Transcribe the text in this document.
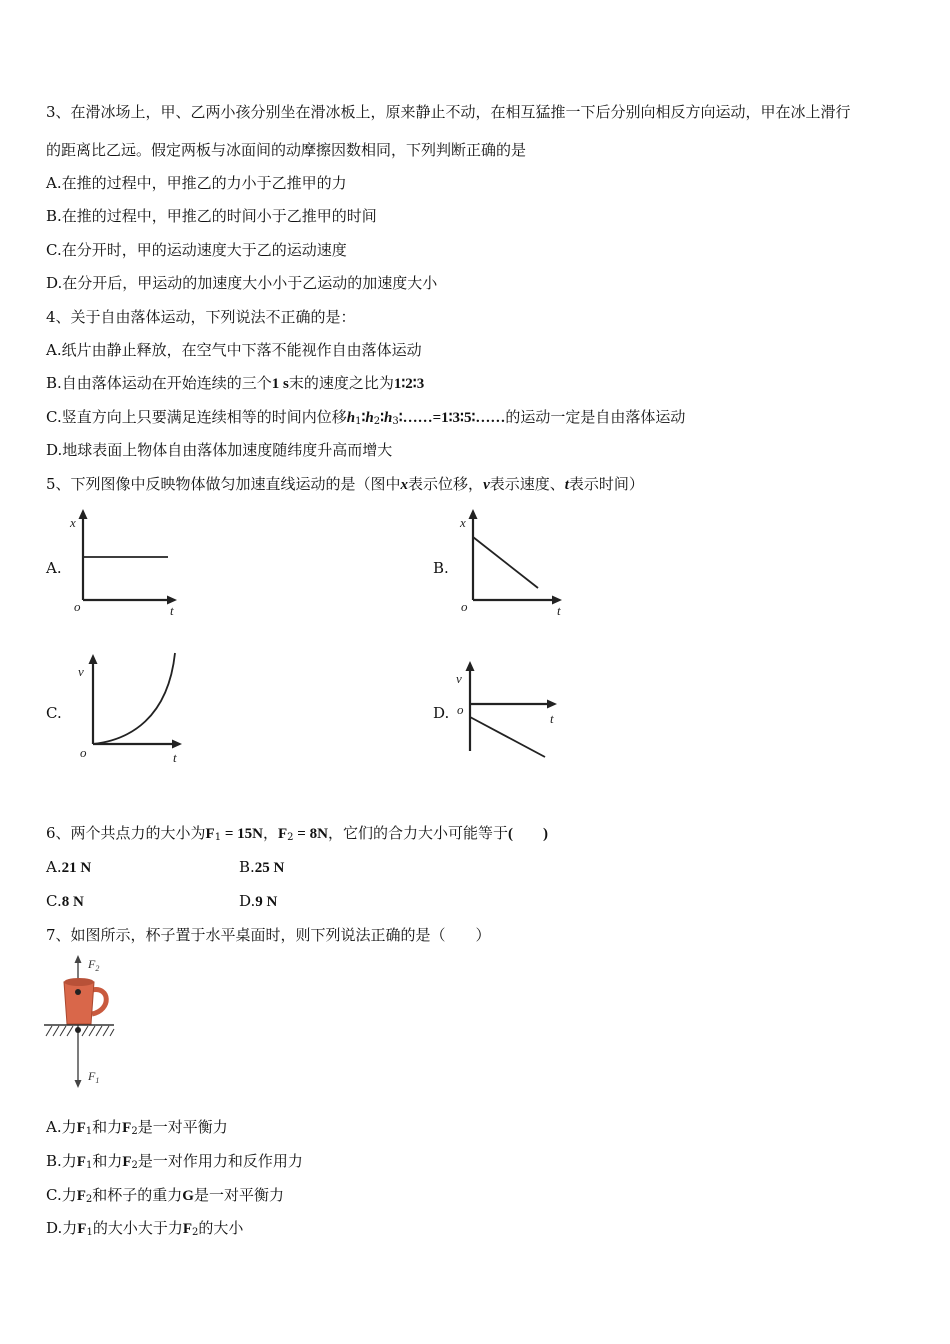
3、在滑冰场上，甲、乙两小孩分别坐在滑冰板上，原来静止不动，在相互猛推一下后分别向相反方向运动，甲在冰上滑行
的距离比乙远。假定两板与冰面间的动摩擦因数相同，下列判断正确的是
A.在推的过程中，甲推乙的力小于乙推甲的力
B.在推的过程中，甲推乙的时间小于乙推甲的时间
C.在分开时，甲的运动速度大于乙的运动速度
D.在分开后，甲运动的加速度大小小于乙运动的加速度大小
4、关于自由落体运动，下列说法不正确的是：
A.纸片由静止释放，在空气中下落不能视作自由落体运动
B.自由落体运动在开始连续的三个1 s末的速度之比为1∶2∶3
C.竖直方向上只要满足连续相等的时间内位移$h_1∶h_2∶h_3∶\dots\dots=1∶3∶5∶\dots\dots$的运动一定是自由落体运动
D.地球表面上物体自由落体加速度随纬度升高而增大
5、下列图像中反映物体做匀加速直线运动的是（图中x表示位移，v表示速度、t表示时间）
A.
x
t
o
B.
x
t
o
C.
v
t
o
D.
v
t
o
6、两个共点力的大小为$F_1 = 15N$，$F_2 = 8N$，它们的合力大小可能等于(　　)
A.21 N	B.25 N
C.8 N	D.9 N
7、如图所示，杯子置于水平桌面时，则下列说法正确的是（　　）
$F_2$
$F_1$
A.力$F_1$和力$F_2$是一对平衡力
B.力$F_1$和力$F_2$是一对作用力和反作用力
C.力$F_2$和杯子的重力G是一对平衡力
D.力$F_1$的大小大于力$F_2$的大小
